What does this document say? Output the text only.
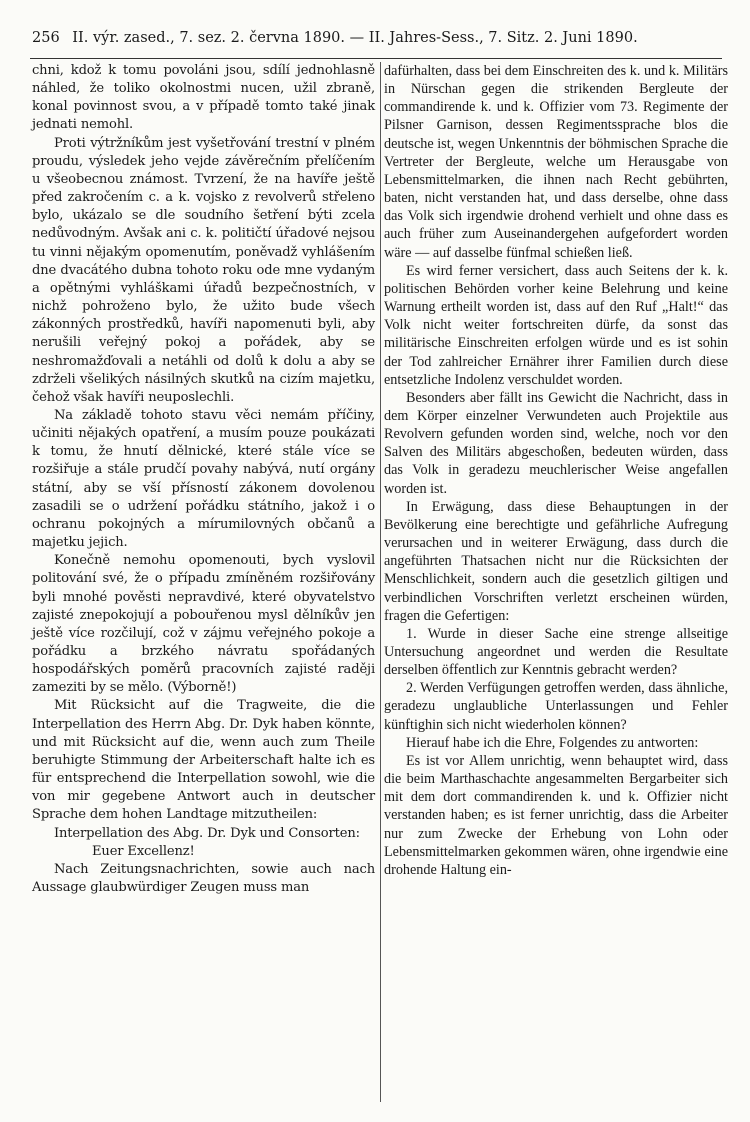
256 II. výr. zased., 7. sez. 2. června 1890. — II. Jahres-Sess., 7. Sitz. 2. Juni 1890.

chni, kdož k tomu povoláni jsou, sdílí jednohlasně náhled, že toliko okolnostmi nucen, užil zbraně, konal povinnost svou, a v případě tomto také jinak jednati nemohl.

Proti výtržníkům jest vyšetřování trestní v plném proudu, výsledek jeho vejde závěrečním přelíčením u všeobecnou známost. Tvrzení, že na havíře ještě před zakročením c. a k. vojsko z revolverů střeleno bylo, ukázalo se dle soudního šetření býti zcela nedůvodným. Avšak ani c. k. političtí úřadové nejsou tu vinni nějakým opomenutím, poněvadž vyhlášením dne dvacátého dubna tohoto roku ode mne vydaným a opětnými vyhláškami úřadů bezpečnostních, v nichž pohroženo bylo, že užito bude všech zákonných prostředků, havíři napomenuti byli, aby nerušili veřejný pokoj a pořádek, aby se neshromažďovali a netáhli od dolů k dolu a aby se zdrželi všelikých násilných skutků na cizím majetku, čehož však havíři neuposlechli.

Na základě tohoto stavu věci nemám příčiny, učiniti nějakých opatření, a musím pouze poukázati k tomu, že hnutí dělnické, které stále více se rozšiřuje a stále prudčí povahy nabývá, nutí orgány státní, aby se vší přísností zákonem dovolenou zasadili se o udržení pořádku státního, jakož i o ochranu pokojných a mírumilovných občanů a majetku jejich.

Konečně nemohu opomenouti, bych vyslovil politování své, že o případu zmíněném rozšiřovány byli mnohé pověsti nepravdivé, které obyvatelstvo zajisté znepokojují a pobouřenou mysl dělníkův jen ještě více rozčilují, což v zájmu veřejného pokoje a pořádku a brzkého návratu spořádaných hospodářských poměrů pracovních zajisté raději zameziti by se mělo. (Výborně!)

Mit Rücksicht auf die Tragweite, die die Interpellation des Herrn Abg. Dr. Dyk haben könnte, und mit Rücksicht auf die, wenn auch zum Theile beruhigte Stimmung der Arbeiterschaft halte ich es für entsprechend die Interpellation sowohl, wie die von mir gegebene Antwort auch in deutscher Sprache dem hohen Landtage mitzutheilen:

Interpellation des Abg. Dr. Dyk und Consorten:

Euer Excellenz!

Nach Zeitungsnachrichten, sowie auch nach Aussage glaubwürdiger Zeugen muss man

dafürhalten, dass bei dem Einschreiten des k. und k. Militärs in Nürschan gegen die strikenden Bergleute der commandirende k. und k. Offizier vom 73. Regimente der Pilsner Garnison, dessen Regimentssprache blos die deutsche ist, wegen Unkenntnis der böhmischen Sprache die Vertreter der Bergleute, welche um Herausgabe von Lebensmittelmarken, die ihnen nach Recht gebührten, baten, nicht verstanden hat, und dass derselbe, ohne dass das Volk sich irgendwie drohend verhielt und ohne dass es auch früher zum Auseinandergehen aufgefordert worden wäre — auf dasselbe fünfmal schießen ließ.

Es wird ferner versichert, dass auch Seitens der k. k. politischen Behörden vorher keine Belehrung und keine Warnung ertheilt worden ist, dass auf den Ruf „Halt!“ das Volk nicht weiter fortschreiten dürfe, da sonst das militärische Einschreiten erfolgen würde und es ist sohin der Tod zahlreicher Ernährer ihrer Familien durch diese entsetzliche Indolenz verschuldet worden.

Besonders aber fällt ins Gewicht die Nachricht, dass in dem Körper einzelner Verwundeten auch Projektile aus Revolvern gefunden worden sind, welche, noch vor den Salven des Militärs abgeschoßen, bedeuten würden, dass das Volk in geradezu meuchlerischer Weise angefallen worden ist.

In Erwägung, dass diese Behauptungen in der Bevölkerung eine berechtigte und gefährliche Aufregung verursachen und in weiterer Erwägung, dass durch die angeführten Thatsachen nicht nur die Rücksichten der Menschlichkeit, sondern auch die gesetzlich giltigen und verbindlichen Vorschriften verletzt erscheinen würden, fragen die Gefertigen:

1. Wurde in dieser Sache eine strenge allseitige Untersuchung angeordnet und werden die Resultate derselben öffentlich zur Kenntnis gebracht werden?

2. Werden Verfügungen getroffen werden, dass ähnliche, geradezu unglaubliche Unterlassungen und Fehler künftighin sich nicht wiederholen können?

Hierauf habe ich die Ehre, Folgendes zu antworten:

Es ist vor Allem unrichtig, wenn behauptet wird, dass die beim Marthaschachte angesammelten Bergarbeiter sich mit dem dort commandirenden k. und k. Offizier nicht verstanden haben; es ist ferner unrichtig, dass die Arbeiter nur zum Zwecke der Erhebung von Lohn oder Lebensmittelmarken gekommen wären, ohne irgendwie eine drohende Haltung ein-
